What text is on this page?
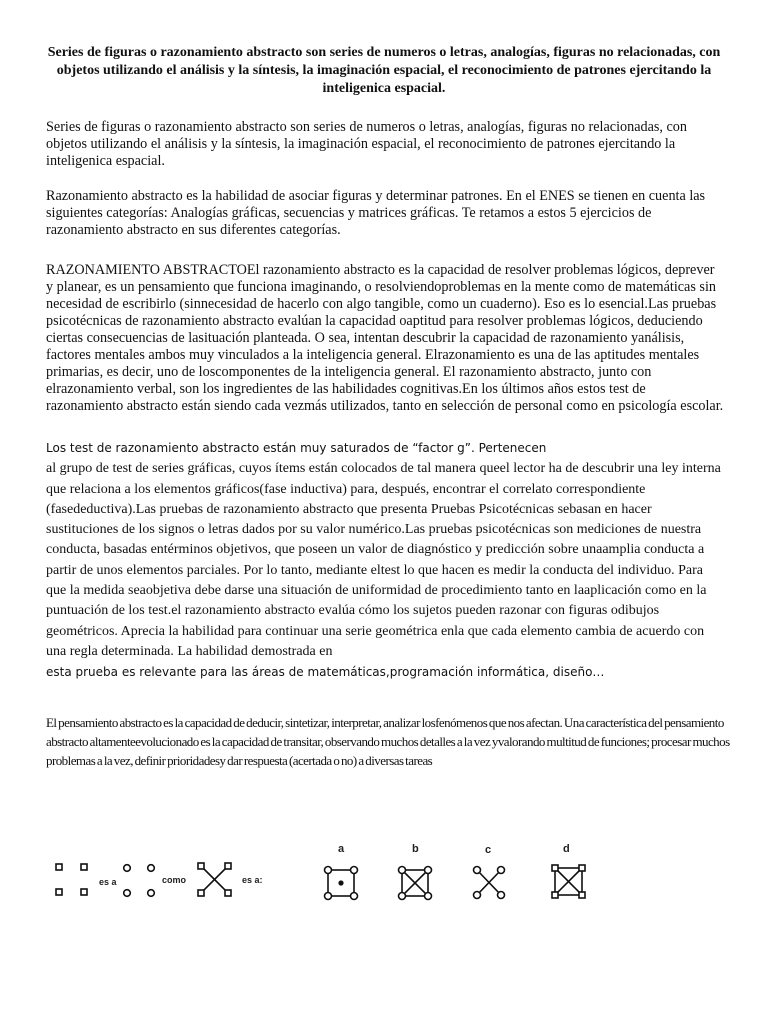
Series de figuras o razonamiento abstracto son series de numeros o letras, analogías, figuras no relacionadas, con objetos utilizando el análisis y la síntesis, la imaginación espacial, el reconocimiento de patrones ejercitando la inteligenica espacial.
Series de figuras o razonamiento abstracto son series de numeros o letras, analogías, figuras no relacionadas, con objetos utilizando el análisis y la síntesis, la imaginación espacial, el reconocimiento de patrones ejercitando la inteligenica espacial.
Razonamiento abstracto es la habilidad de asociar figuras y determinar patrones. En el ENES se tienen en cuenta las siguientes categorías: Analogías gráficas, secuencias y matrices gráficas. Te retamos a estos 5 ejercicios de razonamiento abstracto en sus diferentes categorías.
RAZONAMIENTO ABSTRACTOEl razonamiento abstracto es la capacidad de resolver problemas lógicos, deprever y planear, es un pensamiento que funciona imaginando, o resolviendoproblemas en la mente como de matemáticas sin necesidad de escribirlo (sinnecesidad de hacerlo con algo tangible, como un cuaderno). Eso es lo esencial.Las pruebas psicotécnicas de razonamiento abstracto evalúan la capacidad oaptitud para resolver problemas lógicos, deduciendo ciertas consecuencias de lasituación planteada. O sea, intentan descubrir la capacidad de razonamiento yanálisis, factores mentales ambos muy vinculados a la inteligencia general. Elrazonamiento es una de las aptitudes mentales primarias, es decir, uno de loscomponentes de la inteligencia general. El razonamiento abstracto, junto con elrazonamiento verbal, son los ingredientes de las habilidades cognitivas.En los últimos años estos test de razonamiento abstracto están siendo cada vezmás utilizados, tanto en selección de personal como en psicología escolar.
Los test de razonamiento abstracto están muy saturados de “factor g”. Pertenecen
al grupo de test de series gráficas, cuyos ítems están colocados de tal manera queel lector ha de descubrir una ley interna que relaciona a los elementos gráficos(fase inductiva) para, después, encontrar el correlato correspondiente (fasedeductiva).Las pruebas de razonamiento abstracto que presenta Pruebas Psicotécnicas sebasan en hacer sustituciones de los signos o letras dados por su valor numérico.Las pruebas psicotécnicas son mediciones de nuestra conducta, basadas entérminos objetivos, que poseen un valor de diagnóstico y predicción sobre unaamplia conducta a partir de unos elementos parciales. Por lo tanto, mediante eltest lo que hacen es medir la conducta del individuo. Para que la medida seaobjetiva debe darse una situación de uniformidad de procedimiento tanto en laaplicación como en la puntuación de los test.el razonamiento abstracto evalúa cómo los sujetos pueden razonar con figuras odibujos geométricos. Aprecia la habilidad para continuar una serie geométrica enla que cada elemento cambia de acuerdo con una regla determinada. La habilidad demostrada en
esta prueba es relevante para las áreas de matemáticas,programación informática, diseño…
El pensamiento abstracto es la capacidad de deducir, sintetizar, interpretar, analizar losfenómenos que nos afectan. Una característica del pensamiento abstracto altamenteevolucionado es la capacidad de transitar, observando muchos detalles a la vez yvalorando multitud de funciones; procesar muchos problemas a la vez, definir prioridadesy dar respuesta (acertada o no) a diversas tareas
es a	como	es a:
a	b	c	d
